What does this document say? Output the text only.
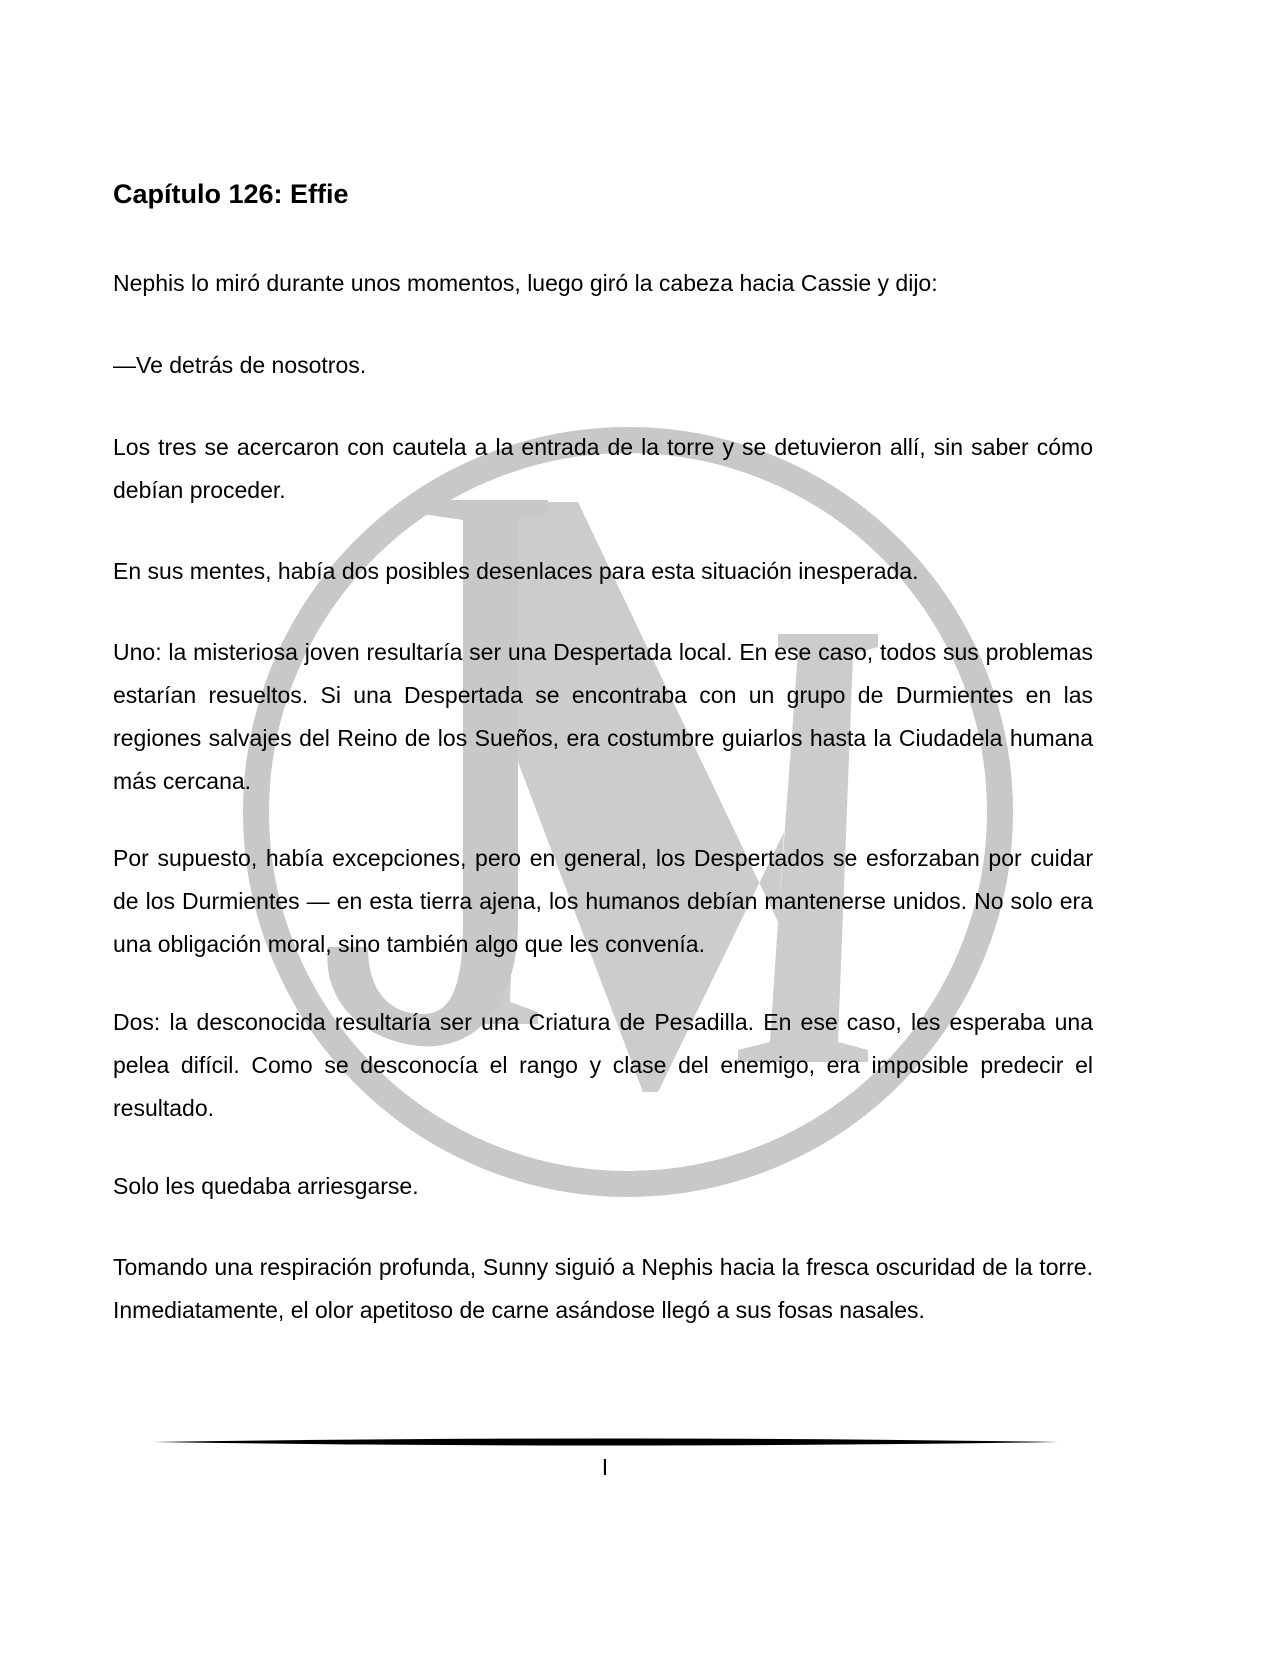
Capítulo 126: Effie

Nephis lo miró durante unos momentos, luego giró la cabeza hacia Cassie y dijo:

—Ve detrás de nosotros.

Los tres se acercaron con cautela a la entrada de la torre y se detuvieron allí, sin saber cómo debían proceder.

En sus mentes, había dos posibles desenlaces para esta situación inesperada.

Uno: la misteriosa joven resultaría ser una Despertada local. En ese caso, todos sus problemas estarían resueltos. Si una Despertada se encontraba con un grupo de Durmientes en las regiones salvajes del Reino de los Sueños, era costumbre guiarlos hasta la Ciudadela humana más cercana.

Por supuesto, había excepciones, pero en general, los Despertados se esforzaban por cuidar de los Durmientes — en esta tierra ajena, los humanos debían mantenerse unidos. No solo era una obligación moral, sino también algo que les convenía.

Dos: la desconocida resultaría ser una Criatura de Pesadilla. En ese caso, les esperaba una pelea difícil. Como se desconocía el rango y clase del enemigo, era imposible predecir el resultado.

Solo les quedaba arriesgarse.

Tomando una respiración profunda, Sunny siguió a Nephis hacia la fresca oscuridad de la torre. Inmediatamente, el olor apetitoso de carne asándose llegó a sus fosas nasales.

I
